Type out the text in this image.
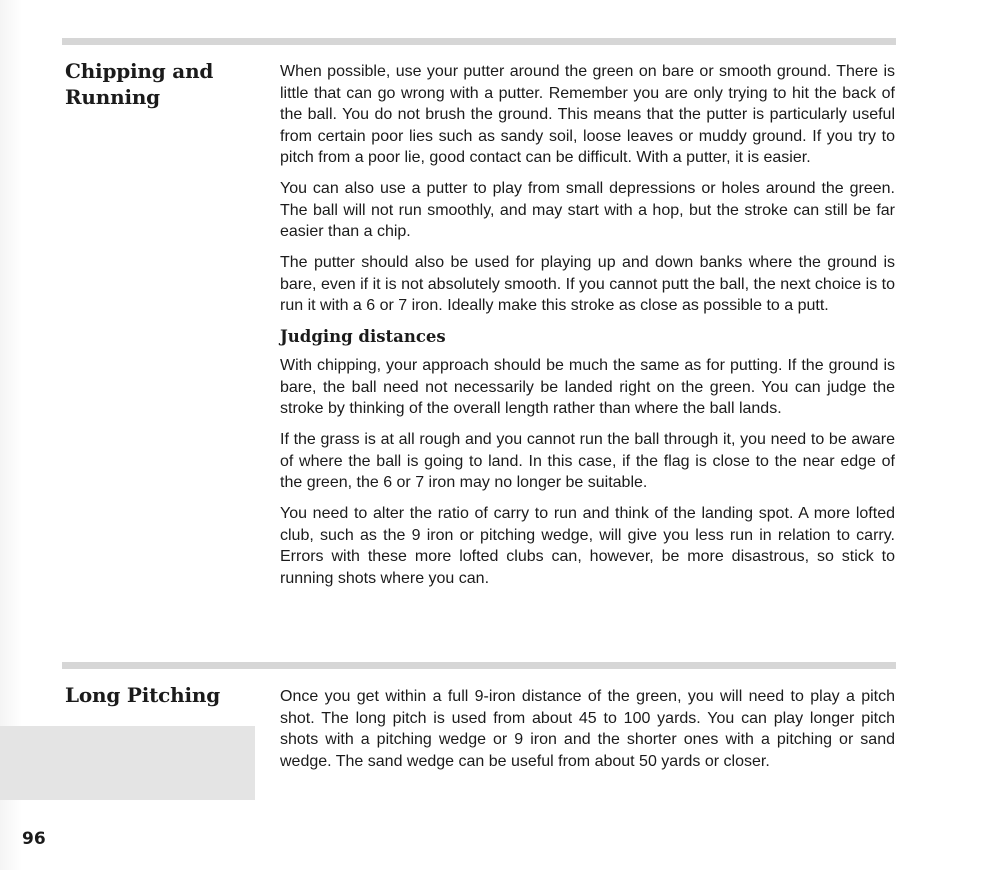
Chipping and
Running

When possible, use your putter around the green on bare or smooth ground. There is little that can go wrong with a putter. Remember you are only trying to hit the back of the ball. You do not brush the ground. This means that the putter is particularly useful from certain poor lies such as sandy soil, loose leaves or muddy ground. If you try to pitch from a poor lie, good contact can be difficult. With a putter, it is easier.

You can also use a putter to play from small depressions or holes around the green. The ball will not run smoothly, and may start with a hop, but the stroke can still be far easier than a chip.

The putter should also be used for playing up and down banks where the ground is bare, even if it is not absolutely smooth. If you cannot putt the ball, the next choice is to run it with a 6 or 7 iron. Ideally make this stroke as close as possible to a putt.

Judging distances

With chipping, your approach should be much the same as for putting. If the ground is bare, the ball need not necessarily be landed right on the green. You can judge the stroke by thinking of the overall length rather than where the ball lands.

If the grass is at all rough and you cannot run the ball through it, you need to be aware of where the ball is going to land. In this case, if the flag is close to the near edge of the green, the 6 or 7 iron may no longer be suitable.

You need to alter the ratio of carry to run and think of the landing spot. A more lofted club, such as the 9 iron or pitching wedge, will give you less run in relation to carry. Errors with these more lofted clubs can, however, be more disastrous, so stick to running shots where you can.

Long Pitching	Once you get within a full 9-iron distance of the green, you will need to play a pitch shot. The long pitch is used from about 45 to 100 yards. You can play longer pitch shots with a pitching wedge or 9 iron and the shorter ones with a pitching or sand wedge. The sand wedge can be useful from about 50 yards or closer.

96
